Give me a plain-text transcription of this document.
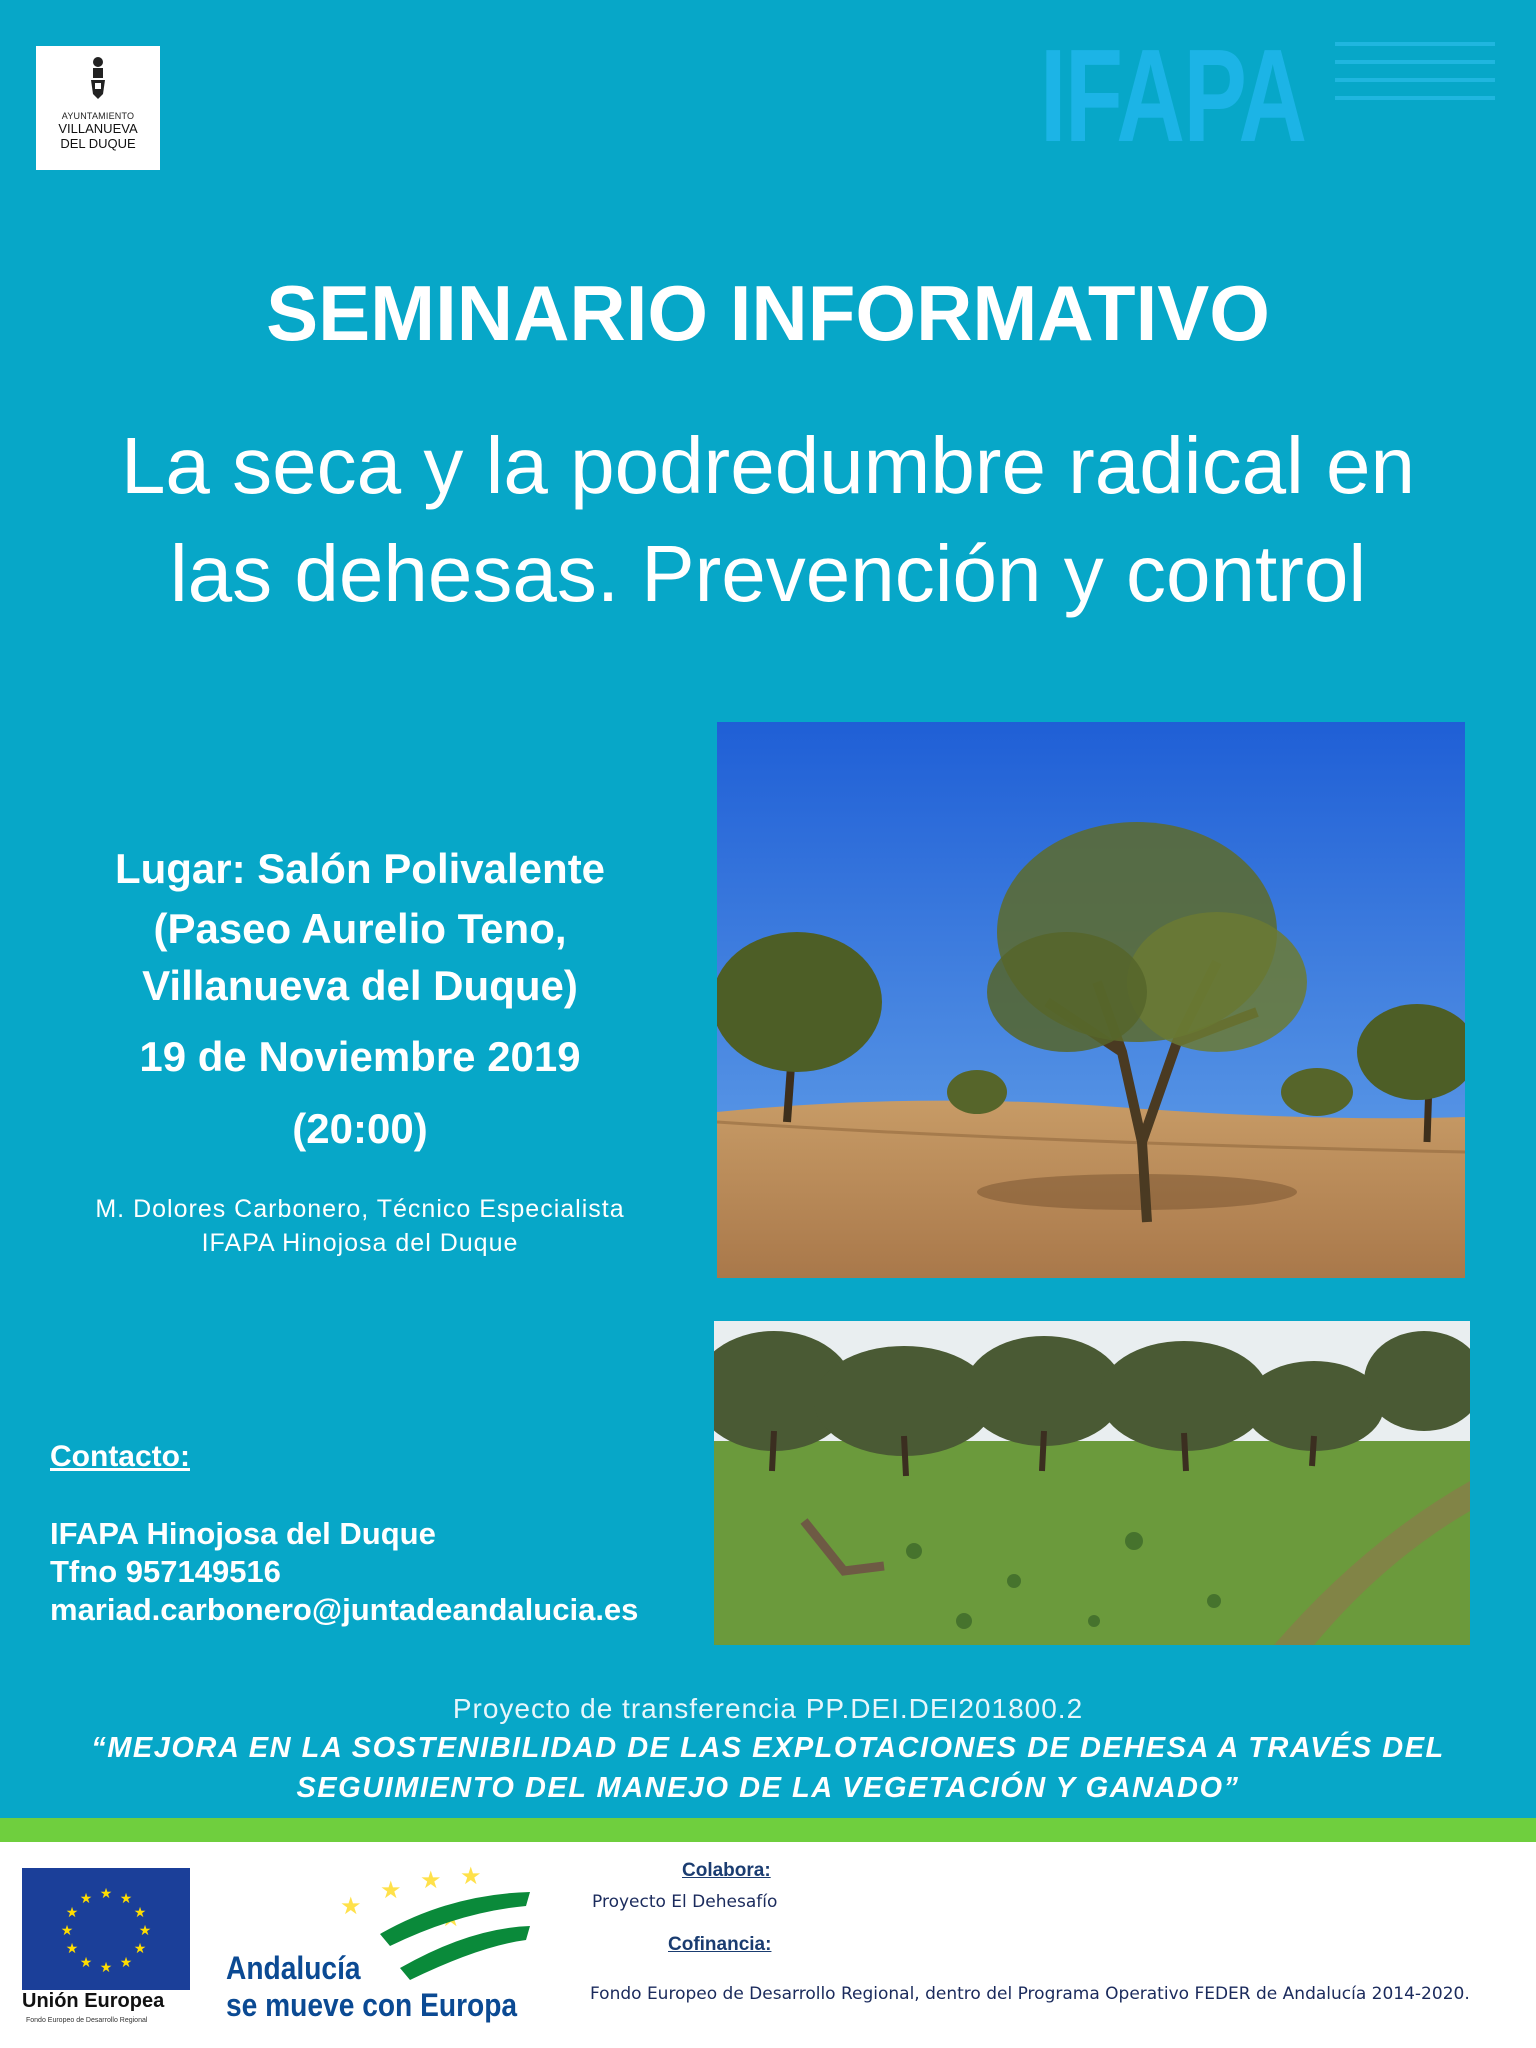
AYUNTAMIENTO
VILLANUEVA
DEL DUQUE	IFAPA
SEMINARIO INFORMATIVO
La seca y la podredumbre radical en
las dehesas. Prevención y control
Lugar: Salón Polivalente
(Paseo Aurelio Teno,
Villanueva del Duque)
19 de Noviembre 2019
(20:00)
M. Dolores Carbonero, Técnico Especialista
IFAPA Hinojosa del Duque
Contacto:
IFAPA Hinojosa del Duque
Tfno 957149516
mariad.carbonero@juntadeandalucia.es
Proyecto de transferencia PP.DEI.DEI201800.2
“MEJORA EN LA SOSTENIBILIDAD DE LAS EXPLOTACIONES DE DEHESA A TRAVÉS DEL
SEGUIMIENTO DEL MANEJO DE LA VEGETACIÓN Y GANADO”
★ ★
★
★
★
★
★
★
★
★
★
★
Unión Europea
Fondo Europeo de Desarrollo Regional
★
★ ★ ★
Andalucía
se mueve con Europa
Colabora:
Proyecto El Dehesafío
Cofinancia:
Fondo Europeo de Desarrollo Regional, dentro del Programa Operativo FEDER de Andalucía 2014-2020.
